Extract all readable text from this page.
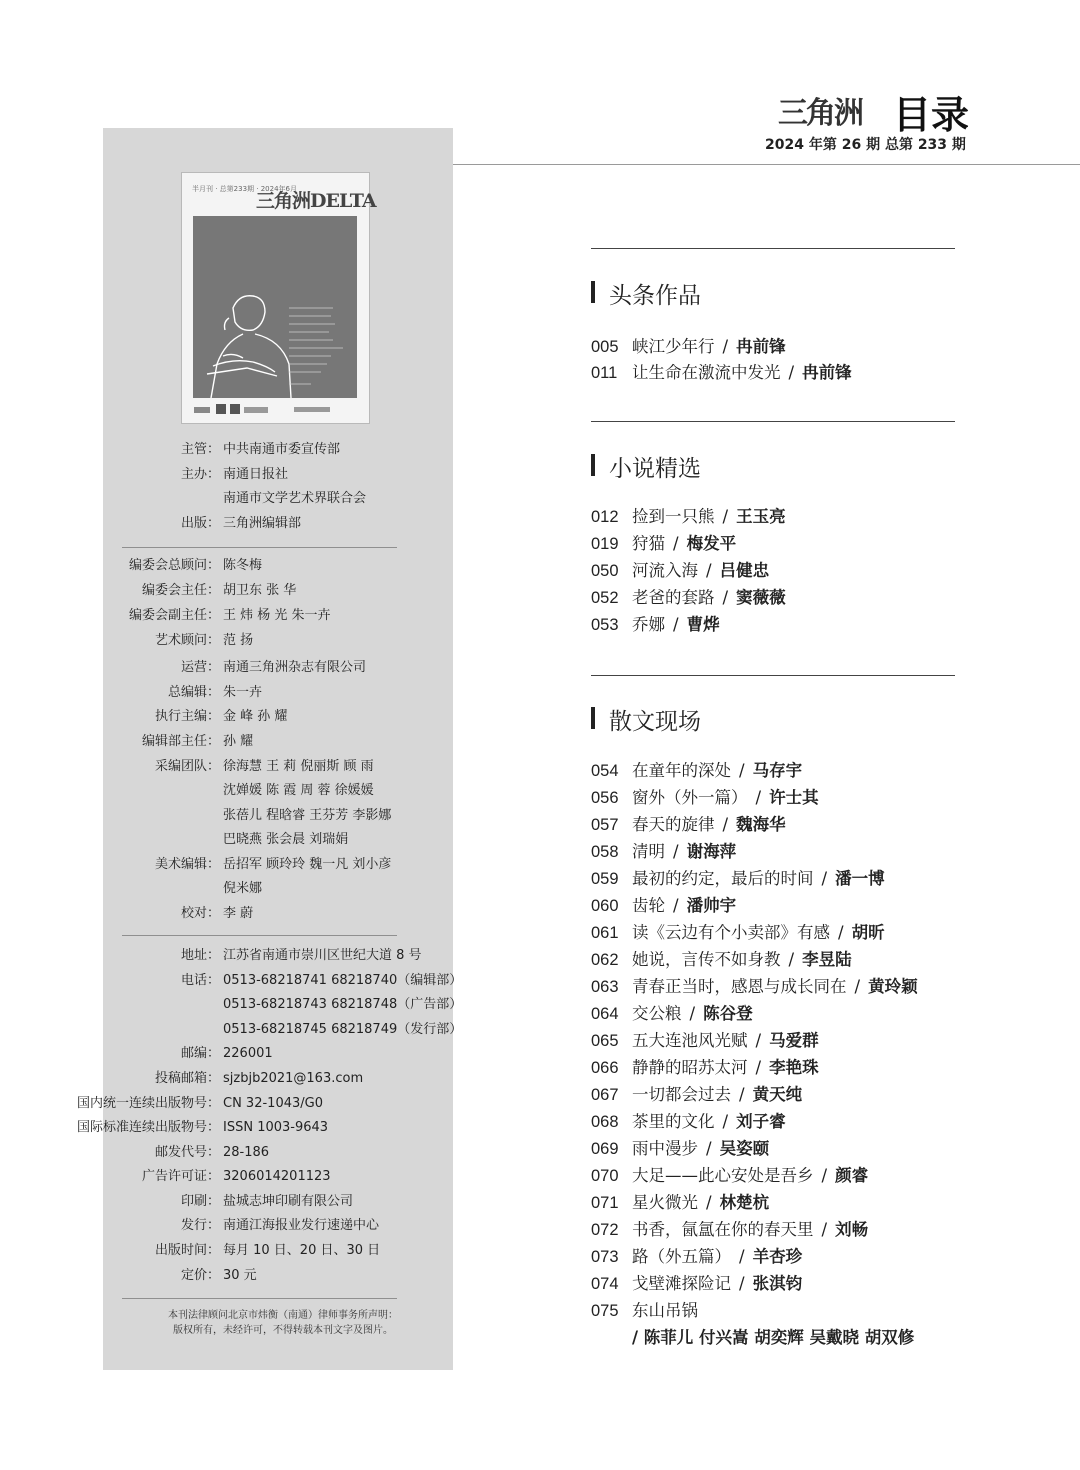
三角洲 目录
2024 年第 26 期 总第 233 期
半月刊 · 总第233期 · 2024年6月
三角洲DELTA
主管： 中共南通市委宣传部
主办： 南通日报社
南通市文学艺术界联合会
出版： 三角洲编辑部
编委会总顾问： 陈冬梅
编委会主任： 胡卫东 张 华
编委会副主任： 王 炜 杨 光 朱一卉
艺术顾问： 范 扬
运营： 南通三角洲杂志有限公司
总编辑： 朱一卉
执行主编： 金 峰 孙 耀
编辑部主任： 孙 耀
采编团队： 徐海慧 王 莉 倪丽斯 顾 雨
沈婵媛 陈 霞 周 蓉 徐媛媛
张蓓儿 程晗睿 王芬芳 李影娜
巴晓燕 张会晨 刘瑞娟
美术编辑： 岳招军 顾玲玲 魏一凡 刘小彦
倪米娜
校对： 李 蔚
地址： 江苏省南通市崇川区世纪大道 8 号
电话： 0513-68218741 68218740（编辑部）
0513-68218743 68218748（广告部）
0513-68218745 68218749（发行部）
邮编： 226001
投稿邮箱： sjzbjb2021@163.com
国内统一连续出版物号： CN 32-1043/G0
国际标准连续出版物号： ISSN 1003-9643
邮发代号： 28-186
广告许可证： 3206014201123
印刷： 盐城志坤印刷有限公司
发行： 南通江海报业发行速递中心
出版时间： 每月 10 日、20 日、30 日
定价： 30 元
本刊法律顾问北京市炜衡（南通）律师事务所声明：
版权所有，未经许可，不得转载本刊文字及图片。
头条作品
005 峡江少年行 / 冉前锋
011 让生命在激流中发光 / 冉前锋
小说精选
012 捡到一只熊 / 王玉亮
019 狩猫 / 梅发平
050 河流入海 / 吕健忠
052 老爸的套路 / 窦薇薇
053 乔娜 / 曹烨
散文现场
054 在童年的深处 / 马存宇
056 窗外（外一篇） / 许士其
057 春天的旋律 / 魏海华
058 清明 / 谢海萍
059 最初的约定，最后的时间 / 潘一博
060 齿轮 / 潘帅宇
061 读《云边有个小卖部》有感 / 胡昕
062 她说，言传不如身教 / 李昱陆
063 青春正当时，感恩与成长同在 / 黄玲颖
064 交公粮 / 陈谷登
065 五大连池风光赋 / 马爱群
066 静静的昭苏太河 / 李艳珠
067 一切都会过去 / 黄天纯
068 茶里的文化 / 刘子睿
069 雨中漫步 / 吴姿颐
070 大足——此心安处是吾乡 / 颜睿
071 星火微光 / 林楚杭
072 书香，氤氲在你的春天里 / 刘畅
073 路（外五篇） / 羊杏珍
074 戈壁滩探险记 / 张淇钧
075 东山吊锅
/ 陈菲儿 付兴嵩 胡奕辉 吴戴晓 胡双修
